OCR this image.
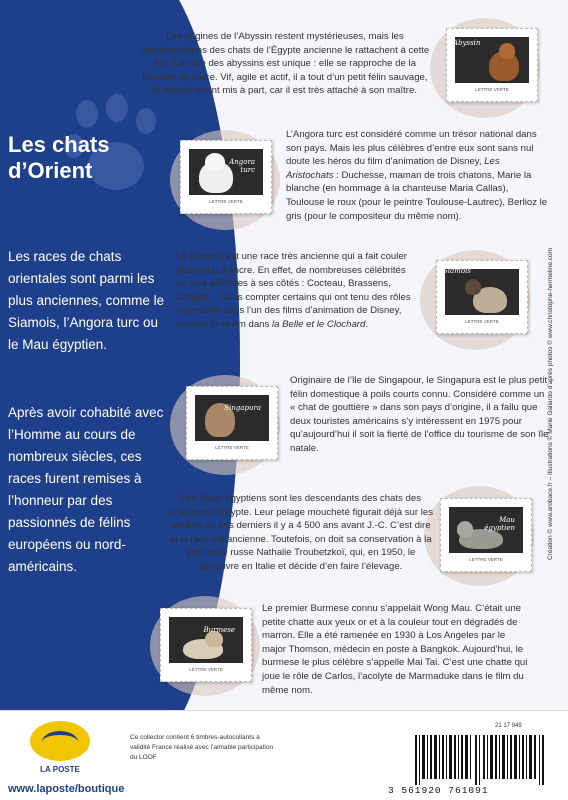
Les chats
d’Orient

Les races de chats orientales sont parmi les plus anciennes, comme le Siamois, l’Angora turc ou le Mau égyptien.

Après avoir cohabité avec l’Homme au cours de nombreux siècles, ces races furent remises à l’honneur par des passionnés de félins européens ou nord-américains.

Les origines de l’Abyssin restent mystérieuses, mais les représentations des chats de l’Égypte ancienne le rattachent à cette ère. La robe des abyssins est unique : elle se rapproche de la fourrure du lièvre. Vif, agile et actif, il a tout d’un petit félin sauvage, le tempérament mis à part, car il est très attaché à son maître.

Abyssin
LETTRE VERTE
Angora turc
LETTRE VERTE

L’Angora turc est considéré comme un trésor national dans son pays. Mais les plus célèbres d’entre eux sont sans nul doute les héros du film d’animation de Disney, Les Aristochats : Duchesse, maman de trois chatons, Marie la blanche (en hommage à la chanteuse Maria Callas), Toulouse le roux (pour le peintre Toulouse-Lautrec), Berlioz le gris (pour le compositeur du même nom).

Le Siamois est une race très ancienne qui a fait couler beaucoup d’encre. En effet, de nombreuses célébrités se sont affichées à ses côtés : Cocteau, Brassens, Chaplin… Sans compter certains qui ont tenu des rôles importants dans l’un des films d’animation de Disney, comme Si et Am dans la Belle et le Clochard.

Siamois
LETTRE VERTE
Singapura
LETTRE VERTE

Originaire de l’île de Singapour, le Singapura est le plus petit félin domestique à poils courts connu. Considéré comme un « chat de gouttière » dans son pays d’origine, il a fallu que deux touristes américains s’y intéressent en 1975 pour qu’aujourd’hui il soit la fierté de l’office du tourisme de son île natale.

Les Maus égyptiens sont les descendants des chats des pharaons d’Égypte. Leur pelage moucheté figurait déjà sur les tombes de ces derniers il y a 4 500 ans avant J.-C. C’est dire si la race est ancienne. Toutefois, on doit sa conservation à la princesse russe Nathalie Troubetzkoï, qui, en 1950, le découvre en Italie et décide d’en faire l’élevage.

Mau égyptien
LETTRE VERTE
Burmese
LETTRE VERTE

Le premier Burmese connu s’appelait Wong Mau. C’était une petite chatte aux yeux or et à la couleur tout en dégradés de marron. Elle a été ramenée en 1930 à Los Angeles par le major Thomson, médecin en poste à Bangkok. Aujourd’hui, le burmese le plus célèbre s’appelle Mai Tai. C’est une chatte qui joue le rôle de Carlos, l’acolyte de Marmaduke dans le film du même nom.

Création © www.arobace.fr – Illustrations © Marie Gallardo d’après photos © www.christophe-hermeline.com
LA POSTE
www.laposte/boutique

Ce collector contient 6 timbres-autocollants à validité France réalisé avec l’aimable participation du LOOF

21 17 949
3 561920 761091
